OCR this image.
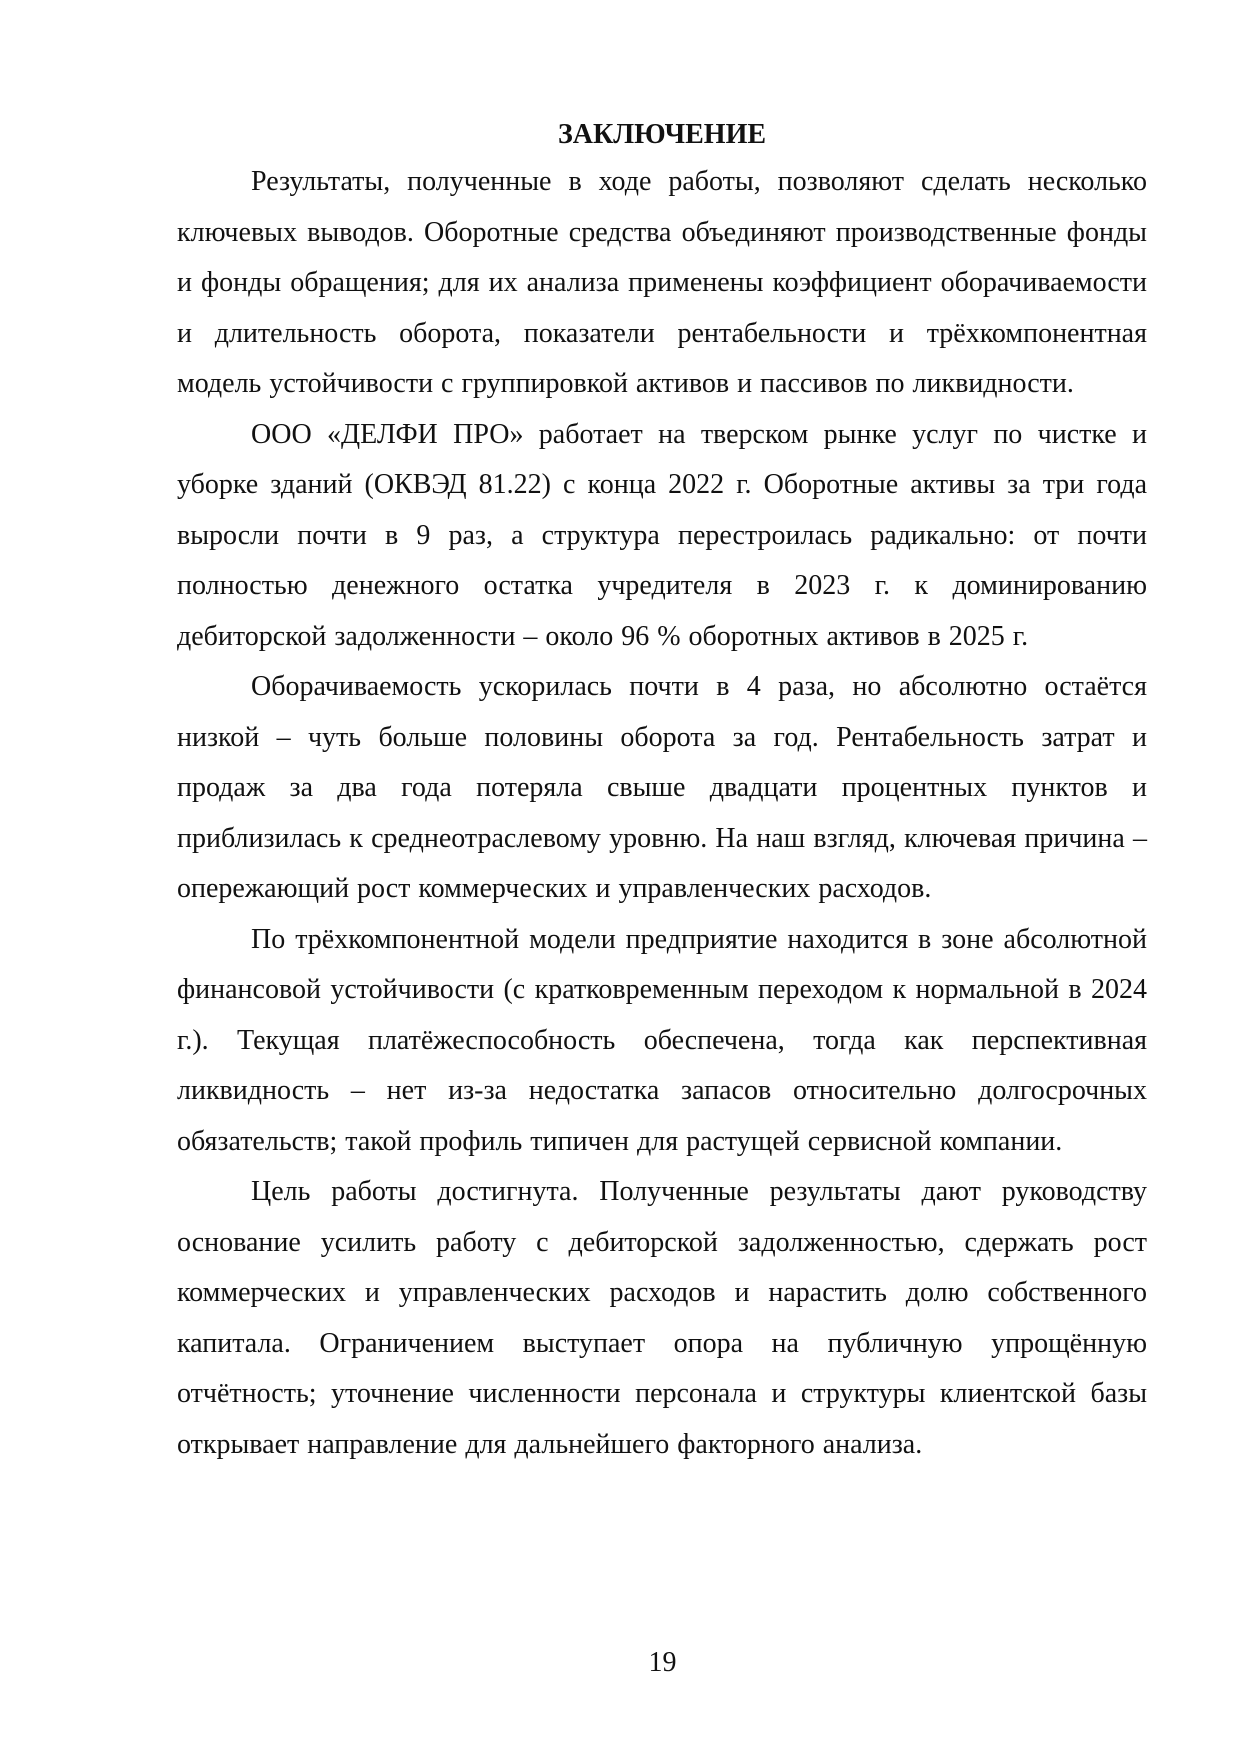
ЗАКЛЮЧЕНИЕ

Результаты, полученные в ходе работы, позволяют сделать несколько ключевых выводов. Оборотные средства объединяют производственные фонды и фонды обращения; для их анализа применены коэффициент оборачиваемости и длительность оборота, показатели рентабельности и трёхкомпонентная модель устойчивости с группировкой активов и пассивов по ликвидности.

ООО «ДЕЛФИ ПРО» работает на тверском рынке услуг по чистке и уборке зданий (ОКВЭД 81.22) с конца 2022 г. Оборотные активы за три года выросли почти в 9 раз, а структура перестроилась радикально: от почти полностью денежного остатка учредителя в 2023 г. к доминированию дебиторской задолженности – около 96 % оборотных активов в 2025 г.

Оборачиваемость ускорилась почти в 4 раза, но абсолютно остаётся низкой – чуть больше половины оборота за год. Рентабельность затрат и продаж за два года потеряла свыше двадцати процентных пунктов и приблизилась к среднеотраслевому уровню. На наш взгляд, ключевая причина – опережающий рост коммерческих и управленческих расходов.

По трёхкомпонентной модели предприятие находится в зоне абсолютной финансовой устойчивости (с кратковременным переходом к нормальной в 2024 г.). Текущая платёжеспособность обеспечена, тогда как перспективная ликвидность – нет из-за недостатка запасов относительно долгосрочных обязательств; такой профиль типичен для растущей сервисной компании.

Цель работы достигнута. Полученные результаты дают руководству основание усилить работу с дебиторской задолженностью, сдержать рост коммерческих и управленческих расходов и нарастить долю собственного капитала. Ограничением выступает опора на публичную упрощённую отчётность; уточнение численности персонала и структуры клиентской базы открывает направление для дальнейшего факторного анализа.

19
